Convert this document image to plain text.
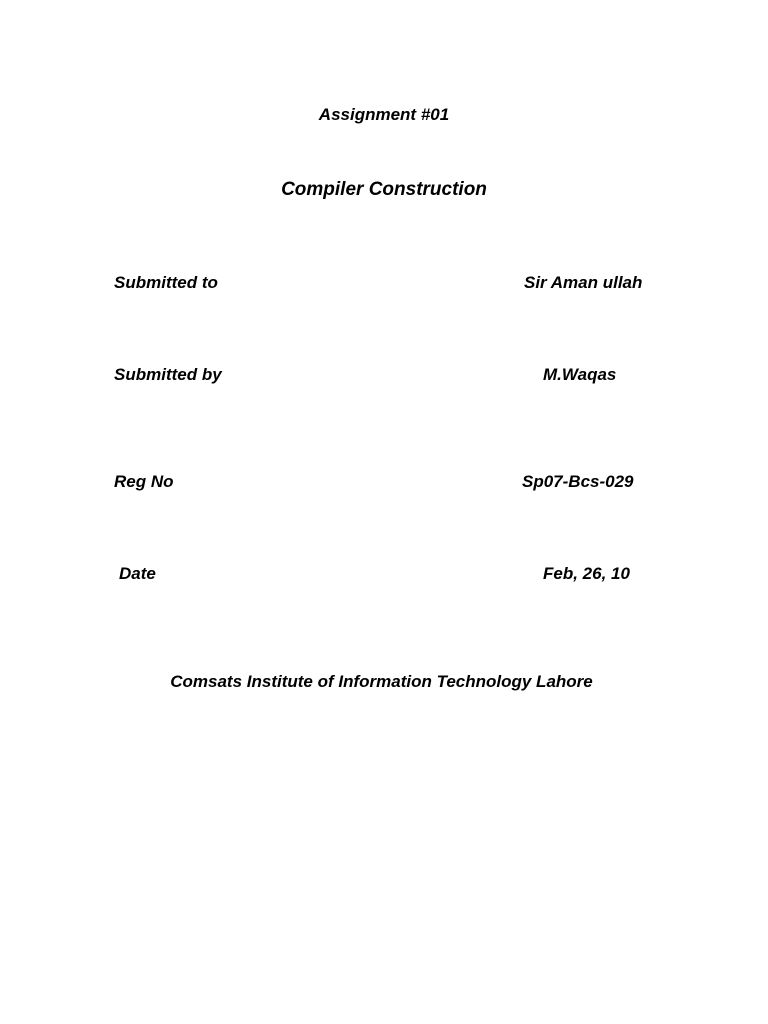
Assignment #01
Compiler Construction
Submitted to	Sir Aman ullah
Submitted by	M.Waqas
Reg No	Sp07-Bcs-029
Date	Feb, 26, 10
Comsats Institute of Information Technology Lahore
